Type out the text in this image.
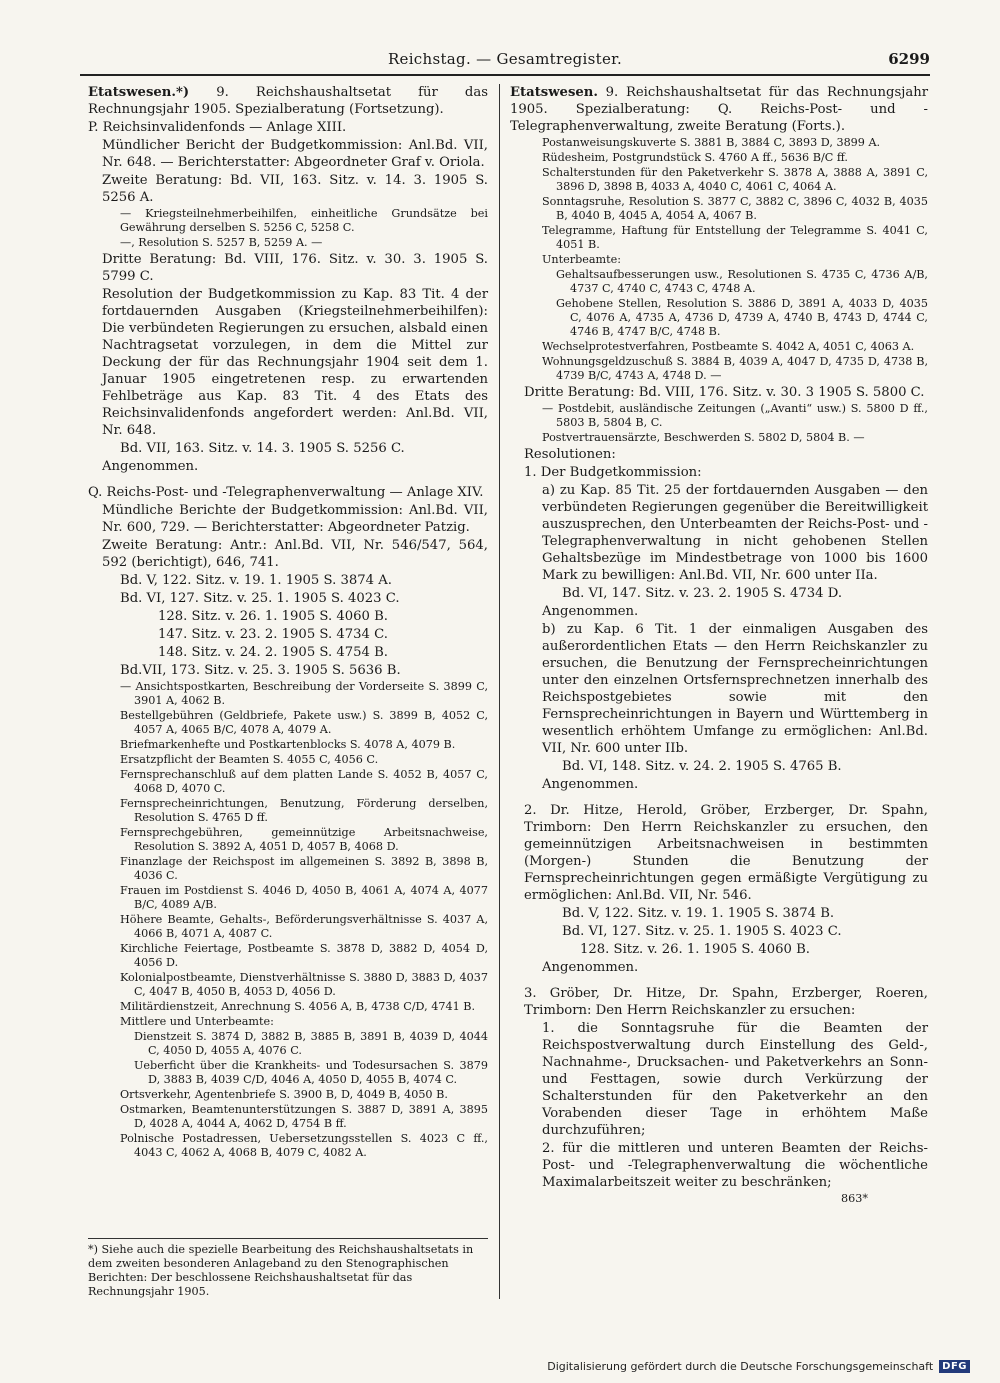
Reichstag. — Gesamtregister.	6299

Etatswesen.*) 9. Reichshaushaltsetat für das Rechnungsjahr 1905. Spezialberatung (Fortsetzung).

P. Reichsinvalidenfonds — Anlage XIII.
Mündlicher Bericht der Budgetkommission: Anl.Bd. VII, Nr. 648. — Berichterstatter: Abgeordneter Graf v. Oriola.
Zweite Beratung: Bd. VII, 163. Sitz. v. 14. 3. 1905 S. 5256 A.
— Kriegsteilnehmerbeihilfen, einheitliche Grundsätze bei Gewährung derselben S. 5256 C, 5258 C.
—, Resolution S. 5257 B, 5259 A. —
Dritte Beratung: Bd. VIII, 176. Sitz. v. 30. 3. 1905 S. 5799 C.
Resolution der Budgetkommission zu Kap. 83 Tit. 4 der fortdauernden Ausgaben (Kriegsteilnehmerbeihilfen): Die verbündeten Regierungen zu ersuchen, alsbald einen Nachtragsetat vorzulegen, in dem die Mittel zur Deckung der für das Rechnungsjahr 1904 seit dem 1. Januar 1905 eingetretenen resp. zu erwartenden Fehlbeträge aus Kap. 83 Tit. 4 des Etats des Reichsinvalidenfonds angefordert werden: Anl.Bd. VII, Nr. 648.
Bd. VII, 163. Sitz. v. 14. 3. 1905 S. 5256 C.
Angenommen.
Q. Reichs-Post- und -Telegraphenverwaltung — Anlage XIV.
Mündliche Berichte der Budgetkommission: Anl.Bd. VII, Nr. 600, 729. — Berichterstatter: Abgeordneter Patzig.
Zweite Beratung: Antr.: Anl.Bd. VII, Nr. 546/547, 564, 592 (berichtigt), 646, 741.
Bd. V, 122. Sitz. v. 19. 1. 1905 S. 3874 A.
Bd. VI, 127. Sitz. v. 25. 1. 1905 S. 4023 C.
128. Sitz. v. 26. 1. 1905 S. 4060 B.
147. Sitz. v. 23. 2. 1905 S. 4734 C.
148. Sitz. v. 24. 2. 1905 S. 4754 B.
Bd.VII, 173. Sitz. v. 25. 3. 1905 S. 5636 B.
— Ansichtspostkarten, Beschreibung der Vorderseite S. 3899 C, 3901 A, 4062 B.
Bestellgebühren (Geldbriefe, Pakete usw.) S. 3899 B, 4052 C, 4057 A, 4065 B/C, 4078 A, 4079 A.
Briefmarkenhefte und Postkartenblocks S. 4078 A, 4079 B.
Ersatzpflicht der Beamten S. 4055 C, 4056 C.
Fernsprechanschluß auf dem platten Lande S. 4052 B, 4057 C, 4068 D, 4070 C.
Fernsprecheinrichtungen, Benutzung, Förderung derselben, Resolution S. 4765 D ff.
Fernsprechgebühren, gemeinnützige Arbeitsnachweise, Resolution S. 3892 A, 4051 D, 4057 B, 4068 D.
Finanzlage der Reichspost im allgemeinen S. 3892 B, 3898 B, 4036 C.
Frauen im Postdienst S. 4046 D, 4050 B, 4061 A, 4074 A, 4077 B/C, 4089 A/B.
Höhere Beamte, Gehalts-, Beförderungsverhältnisse S. 4037 A, 4066 B, 4071 A, 4087 C.
Kirchliche Feiertage, Postbeamte S. 3878 D, 3882 D, 4054 D, 4056 D.
Kolonialpostbeamte, Dienstverhältnisse S. 3880 D, 3883 D, 4037 C, 4047 B, 4050 B, 4053 D, 4056 D.
Militärdienstzeit, Anrechnung S. 4056 A, B, 4738 C/D, 4741 B.
Mittlere und Unterbeamte:
Dienstzeit S. 3874 D, 3882 B, 3885 B, 3891 B, 4039 D, 4044 C, 4050 D, 4055 A, 4076 C.
Ueberficht über die Krankheits- und Todesursachen S. 3879 D, 3883 B, 4039 C/D, 4046 A, 4050 D, 4055 B, 4074 C.
Ortsverkehr, Agentenbriefe S. 3900 B, D, 4049 B, 4050 B.
Ostmarken, Beamtenunterstützungen S. 3887 D, 3891 A, 3895 D, 4028 A, 4044 A, 4062 D, 4754 B ff.
Polnische Postadressen, Uebersetzungsstellen S. 4023 C ff., 4043 C, 4062 A, 4068 B, 4079 C, 4082 A.

Etatswesen. 9. Reichshaushaltsetat für das Rechnungsjahr 1905. Spezialberatung: Q. Reichs-Post- und -Telegraphenverwaltung, zweite Beratung (Forts.).

Postanweisungskuverte S. 3881 B, 3884 C, 3893 D, 3899 A.
Rüdesheim, Postgrundstück S. 4760 A ff., 5636 B/C ff.
Schalterstunden für den Paketverkehr S. 3878 A, 3888 A, 3891 C, 3896 D, 3898 B, 4033 A, 4040 C, 4061 C, 4064 A.
Sonntagsruhe, Resolution S. 3877 C, 3882 C, 3896 C, 4032 B, 4035 B, 4040 B, 4045 A, 4054 A, 4067 B.
Telegramme, Haftung für Entstellung der Telegramme S. 4041 C, 4051 B.
Unterbeamte:
Gehaltsaufbesserungen usw., Resolutionen S. 4735 C, 4736 A/B, 4737 C, 4740 C, 4743 C, 4748 A.
Gehobene Stellen, Resolution S. 3886 D, 3891 A, 4033 D, 4035 C, 4076 A, 4735 A, 4736 D, 4739 A, 4740 B, 4743 D, 4744 C, 4746 B, 4747 B/C, 4748 B.
Wechselprotestverfahren, Postbeamte S. 4042 A, 4051 C, 4063 A.
Wohnungsgeldzuschuß S. 3884 B, 4039 A, 4047 D, 4735 D, 4738 B, 4739 B/C, 4743 A, 4748 D. —
Dritte Beratung: Bd. VIII, 176. Sitz. v. 30. 3 1905 S. 5800 C.
— Postdebit, ausländische Zeitungen („Avanti“ usw.) S. 5800 D ff., 5803 B, 5804 B, C.
Postvertrauensärzte, Beschwerden S. 5802 D, 5804 B. —
Resolutionen:
1. Der Budgetkommission:
a) zu Kap. 85 Tit. 25 der fortdauernden Ausgaben — den verbündeten Regierungen gegenüber die Bereitwilligkeit auszusprechen, den Unterbeamten der Reichs-Post- und -Telegraphenverwaltung in nicht gehobenen Stellen Gehaltsbezüge im Mindestbetrage von 1000 bis 1600 Mark zu bewilligen: Anl.Bd. VII, Nr. 600 unter IIa.
Bd. VI, 147. Sitz. v. 23. 2. 1905 S. 4734 D.
Angenommen.
b) zu Kap. 6 Tit. 1 der einmaligen Ausgaben des außerordentlichen Etats — den Herrn Reichskanzler zu ersuchen, die Benutzung der Fernsprecheinrichtungen unter den einzelnen Ortsfernsprechnetzen innerhalb des Reichspostgebietes sowie mit den Fernsprecheinrichtungen in Bayern und Württemberg in wesentlich erhöhtem Umfange zu ermöglichen: Anl.Bd. VII, Nr. 600 unter IIb.
Bd. VI, 148. Sitz. v. 24. 2. 1905 S. 4765 B.
Angenommen.
2. Dr. Hitze, Herold, Gröber, Erzberger, Dr. Spahn, Trimborn: Den Herrn Reichskanzler zu ersuchen, den gemeinnützigen Arbeitsnachweisen in bestimmten (Morgen-) Stunden die Benutzung der Fernsprecheinrichtungen gegen ermäßigte Vergütigung zu ermöglichen: Anl.Bd. VII, Nr. 546.
Bd. V, 122. Sitz. v. 19. 1. 1905 S. 3874 B.
Bd. VI, 127. Sitz. v. 25. 1. 1905 S. 4023 C.
128. Sitz. v. 26. 1. 1905 S. 4060 B.
Angenommen.
3. Gröber, Dr. Hitze, Dr. Spahn, Erzberger, Roeren, Trimborn: Den Herrn Reichskanzler zu ersuchen:
1. die Sonntagsruhe für die Beamten der Reichspostverwaltung durch Einstellung des Geld-, Nachnahme-, Drucksachen- und Paketverkehrs an Sonn- und Festtagen, sowie durch Verkürzung der Schalterstunden für den Paketverkehr an den Vorabenden dieser Tage in erhöhtem Maße durchzuführen;
2. für die mittleren und unteren Beamten der Reichs-Post- und -Telegraphenverwaltung die wöchentliche Maximalarbeitszeit weiter zu beschränken;
863*
*) Siehe auch die spezielle Bearbeitung des Reichshaushaltsetats in dem zweiten besonderen Anlageband zu den Stenographischen Berichten: Der beschlossene Reichshaushaltsetat für das Rechnungsjahr 1905.
Digitalisierung gefördert durch die Deutsche Forschungsgemeinschaft DFG
